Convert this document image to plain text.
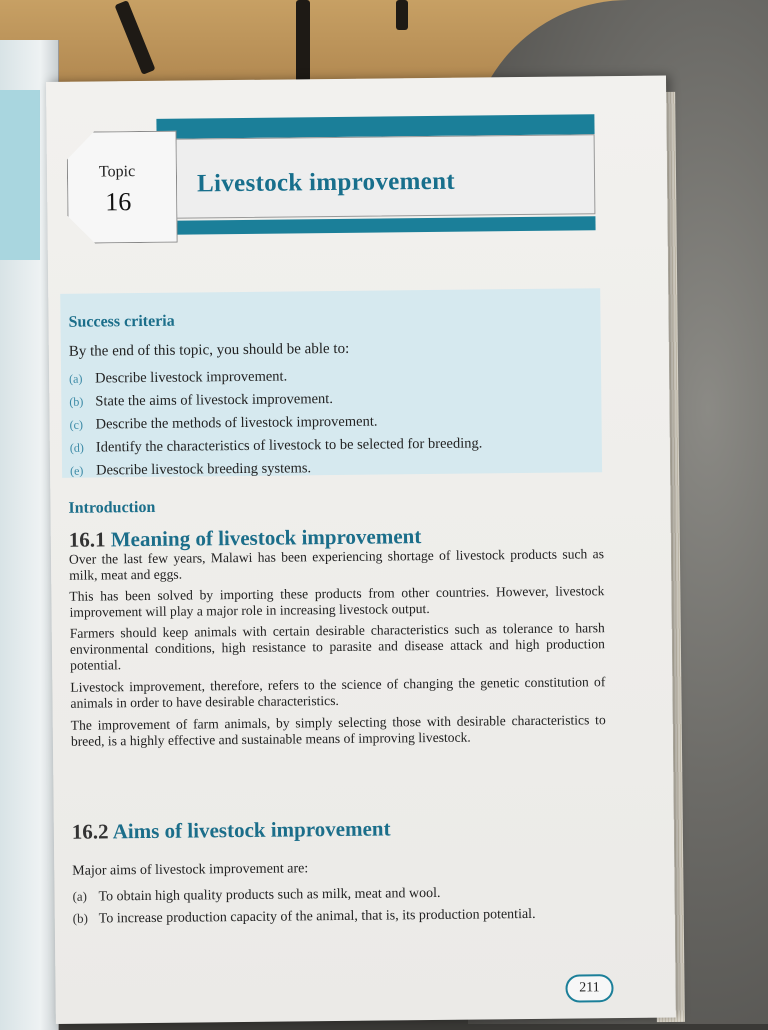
Topic
16
Livestock improvement
Success criteria
By the end of this topic, you should be able to:
(a) Describe livestock improvement.
(b) State the aims of livestock improvement.
(c) Describe the methods of livestock improvement.
(d) Identify the characteristics of livestock to be selected for breeding.
(e) Describe livestock breeding systems.
Introduction
16.1 Meaning of livestock improvement

Over the last few years, Malawi has been experiencing shortage of livestock products such as milk, meat and eggs.

This has been solved by importing these products from other countries. However, livestock improvement will play a major role in increasing livestock output.

Farmers should keep animals with certain desirable characteristics such as tolerance to harsh environmental conditions, high resistance to parasite and disease attack and high production potential.

Livestock improvement, therefore, refers to the science of changing the genetic constitution of animals in order to have desirable characteristics.

The improvement of farm animals, by simply selecting those with desirable characteristics to breed, is a highly effective and sustainable means of improving livestock.

16.2 Aims of livestock improvement
Major aims of livestock improvement are:
(a) To obtain high quality products such as milk, meat and wool.
(b) To increase production capacity of the animal, that is, its production potential.
211
